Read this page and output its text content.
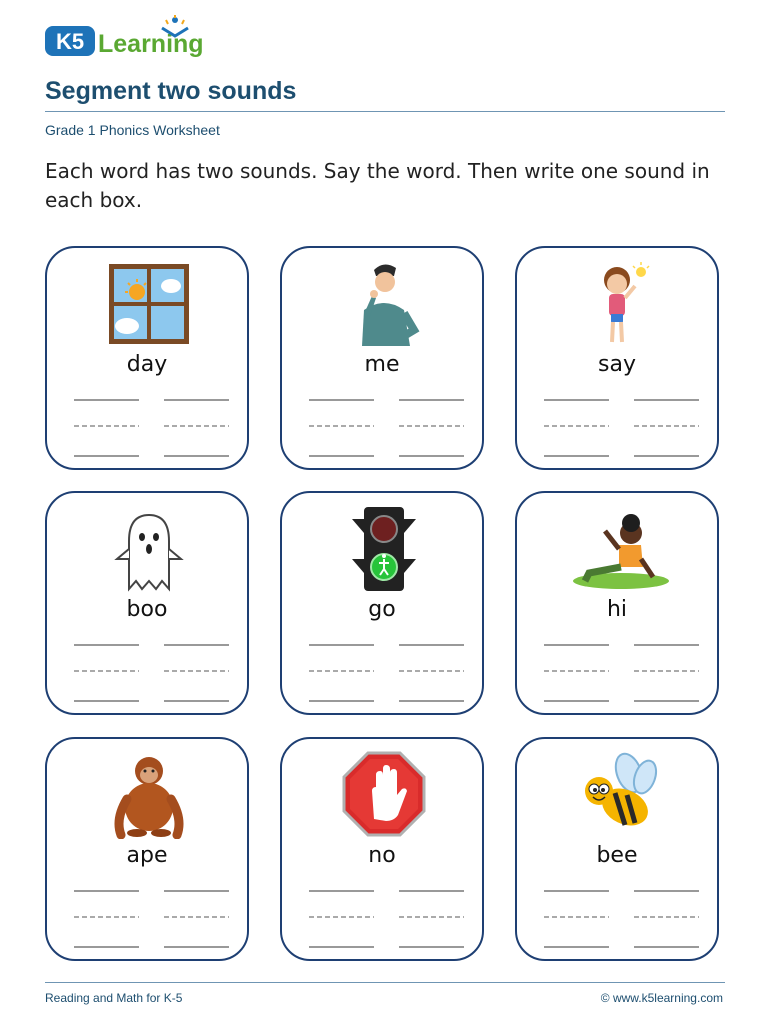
K5 Learning
Segment two sounds
Grade 1 Phonics Worksheet
Each word has two sounds. Say the word. Then write one sound in each box.
day	me	say
boo	go	hi
ape	no	bee
Reading and Math for K-5	© www.k5learning.com
